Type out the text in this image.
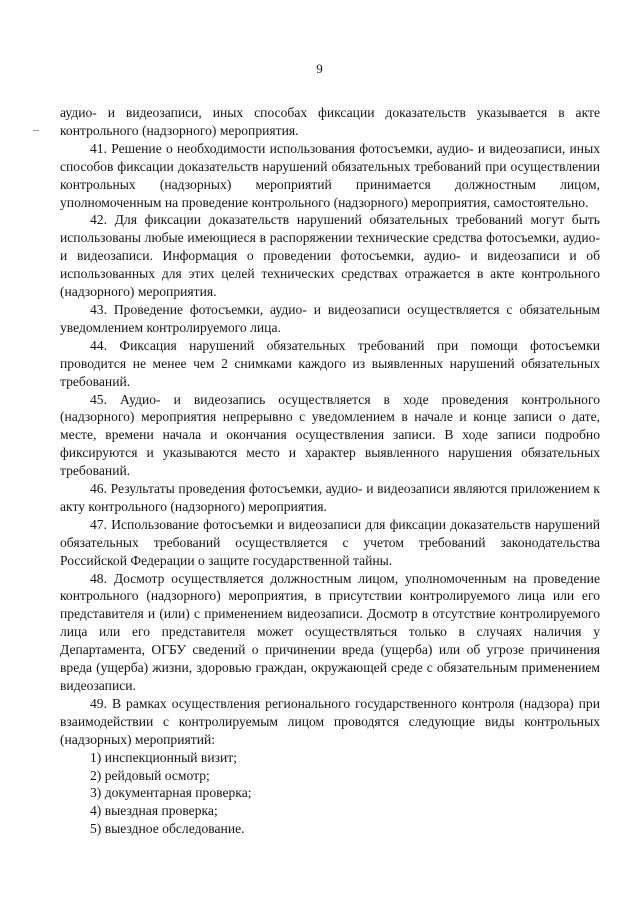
9

аудио- и видеозаписи, иных способах фиксации доказательств указывается в акте контрольного (надзорного) мероприятия.

41. Решение о необходимости использования фотосъемки, аудио- и видеозаписи, иных способов фиксации доказательств нарушений обязательных требований при осуществлении контрольных (надзорных) мероприятий принимается должностным лицом, уполномоченным на проведение контрольного (надзорного) мероприятия, самостоятельно.

42. Для фиксации доказательств нарушений обязательных требований могут быть использованы любые имеющиеся в распоряжении технические средства фотосъемки, аудио- и видеозаписи. Информация о проведении фотосъемки, аудио- и видеозаписи и об использованных для этих целей технических средствах отражается в акте контрольного (надзорного) мероприятия.

43. Проведение фотосъемки, аудио- и видеозаписи осуществляется с обязательным уведомлением контролируемого лица.

44. Фиксация нарушений обязательных требований при помощи фотосъемки проводится не менее чем 2 снимками каждого из выявленных нарушений обязательных требований.

45. Аудио- и видеозапись осуществляется в ходе проведения контрольного (надзорного) мероприятия непрерывно с уведомлением в начале и конце записи о дате, месте, времени начала и окончания осуществления записи. В ходе записи подробно фиксируются и указываются место и характер выявленного нарушения обязательных требований.

46. Результаты проведения фотосъемки, аудио- и видеозаписи являются приложением к акту контрольного (надзорного) мероприятия.

47. Использование фотосъемки и видеозаписи для фиксации доказательств нарушений обязательных требований осуществляется с учетом требований законодательства Российской Федерации о защите государственной тайны.

48. Досмотр осуществляется должностным лицом, уполномоченным на проведение контрольного (надзорного) мероприятия, в присутствии контролируемого лица или его представителя и (или) с применением видеозаписи. Досмотр в отсутствие контролируемого лица или его представителя может осуществляться только в случаях наличия у Департамента, ОГБУ сведений о причинении вреда (ущерба) или об угрозе причинения вреда (ущерба) жизни, здоровью граждан, окружающей среде с обязательным применением видеозаписи.

49. В рамках осуществления регионального государственного контроля (надзора) при взаимодействии с контролируемым лицом проводятся следующие виды контрольных (надзорных) мероприятий:

1) инспекционный визит;
2) рейдовый осмотр;
3) документарная проверка;
4) выездная проверка;
5) выездное обследование.
